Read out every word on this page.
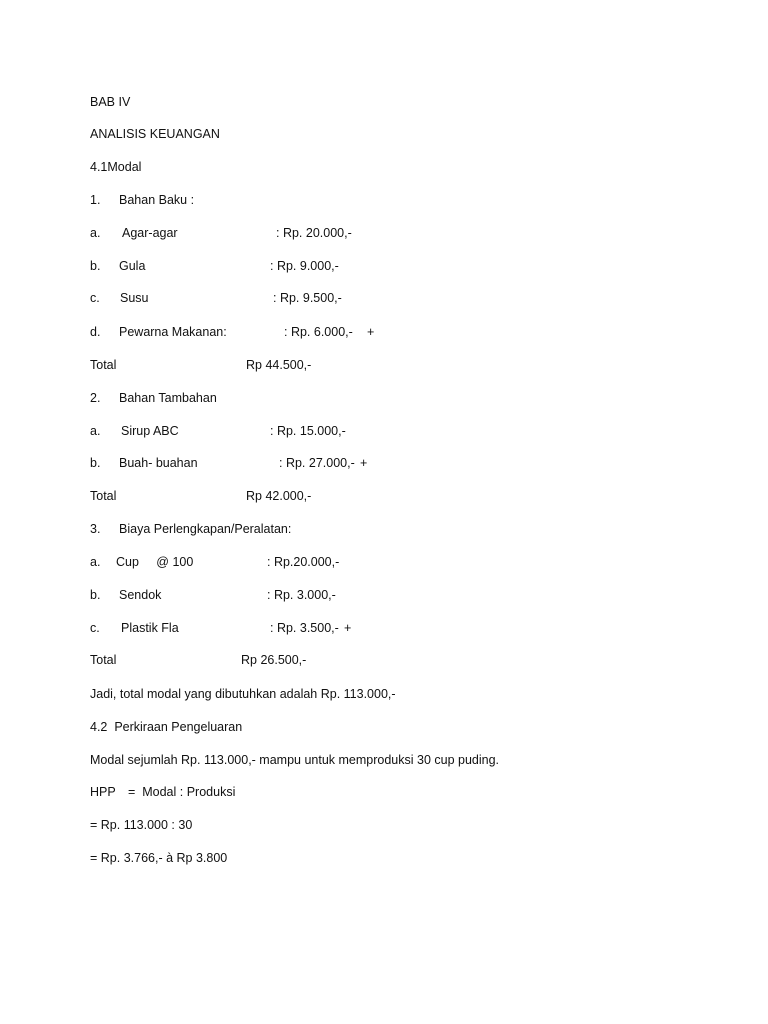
BAB IV
ANALISIS KEUANGAN
4.1Modal
1. Bahan Baku :
a. Agar-agar	: Rp. 20.000,-
b. Gula	: Rp. 9.000,-
c. Susu	: Rp. 9.500,-
d. Pewarna Makanan:	: Rp. 6.000,- +
Total	Rp 44.500,-
2. Bahan Tambahan
a. Sirup ABC	: Rp. 15.000,-
b. Buah- buahan	: Rp. 27.000,- +
Total	Rp 42.000,-
3. Biaya Perlengkapan/Peralatan:
a. Cup     @ 100	: Rp.20.000,-
b. Sendok	: Rp. 3.000,-
c. Plastik Fla	: Rp. 3.500,- +
Total	Rp 26.500,-
Jadi, total modal yang dibutuhkan adalah Rp. 113.000,-
4.2  Perkiraan Pengeluaran
Modal sejumlah Rp. 113.000,- mampu untuk memproduksi 30 cup puding.
HPP =  Modal : Produksi
= Rp. 113.000 : 30
= Rp. 3.766,- à Rp 3.800
